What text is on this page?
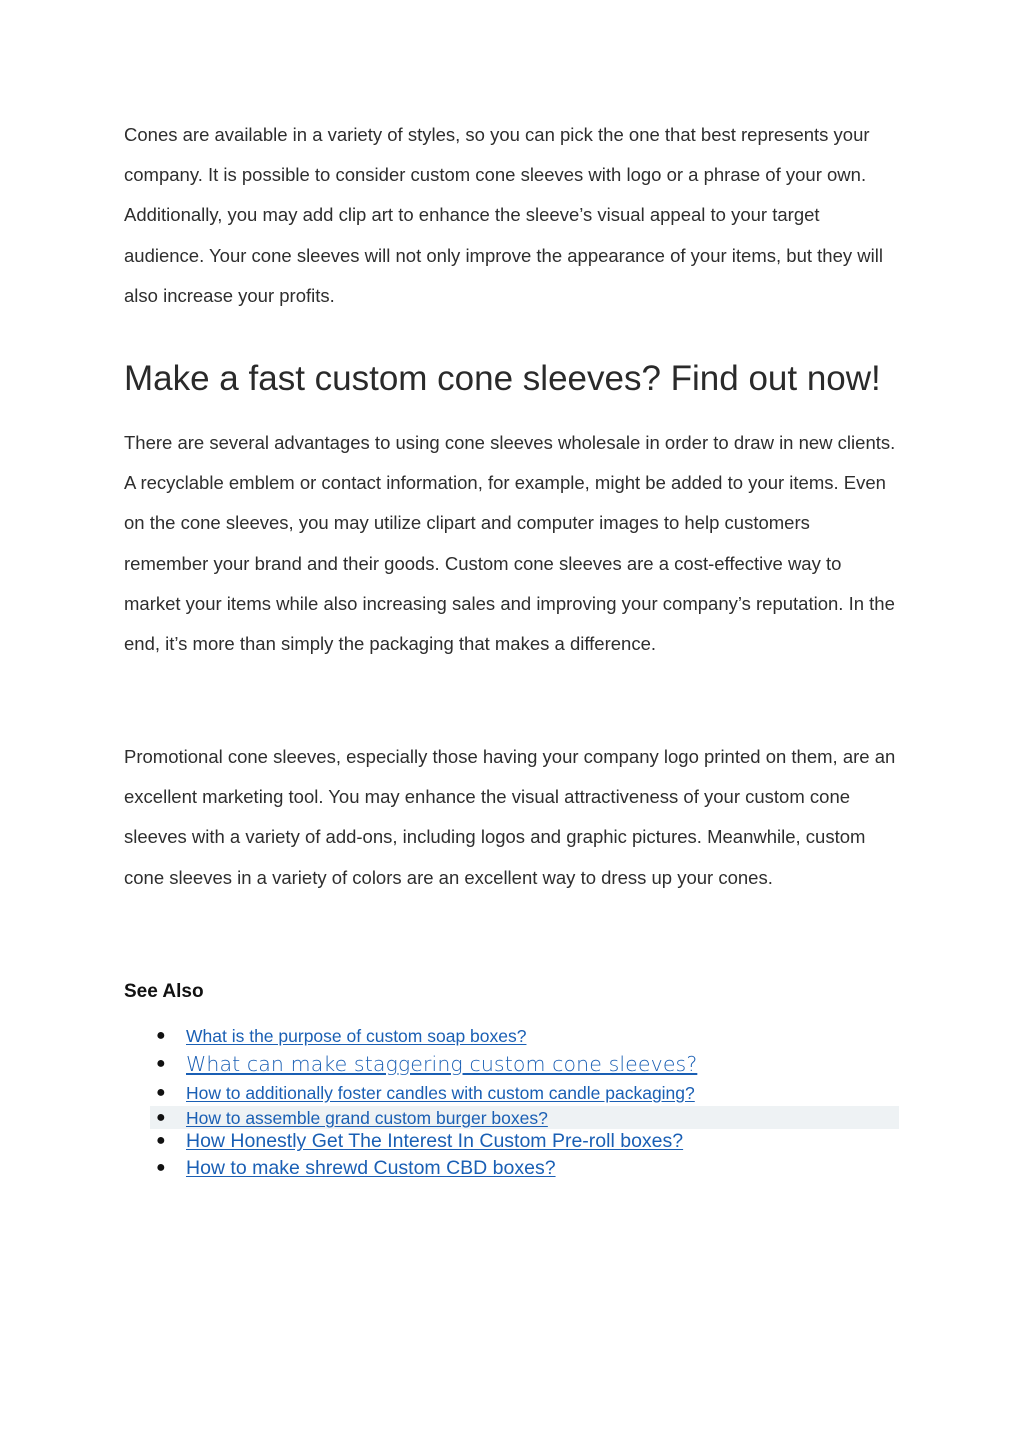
Cones are available in a variety of styles, so you can pick the one that best represents your company. It is possible to consider custom cone sleeves with logo or a phrase of your own. Additionally, you may add clip art to enhance the sleeve’s visual appeal to your target audience. Your cone sleeves will not only improve the appearance of your items, but they will also increase your profits.

Make a fast custom cone sleeves? Find out now!

There are several advantages to using cone sleeves wholesale in order to draw in new clients. A recyclable emblem or contact information, for example, might be added to your items. Even on the cone sleeves, you may utilize clipart and computer images to help customers remember your brand and their goods. Custom cone sleeves are a cost-effective way to market your items while also increasing sales and improving your company’s reputation. In the end, it’s more than simply the packaging that makes a difference.

Promotional cone sleeves, especially those having your company logo printed on them, are an excellent marketing tool. You may enhance the visual attractiveness of your custom cone sleeves with a variety of add-ons, including logos and graphic pictures. Meanwhile, custom cone sleeves in a variety of colors are an excellent way to dress up your cones.

See Also
● What is the purpose of custom soap boxes?
● What can make staggering custom cone sleeves?
● How to additionally foster candles with custom candle packaging?
● How to assemble grand custom burger boxes?
● How Honestly Get The Interest In Custom Pre-roll boxes?
● How to make shrewd Custom CBD boxes?
